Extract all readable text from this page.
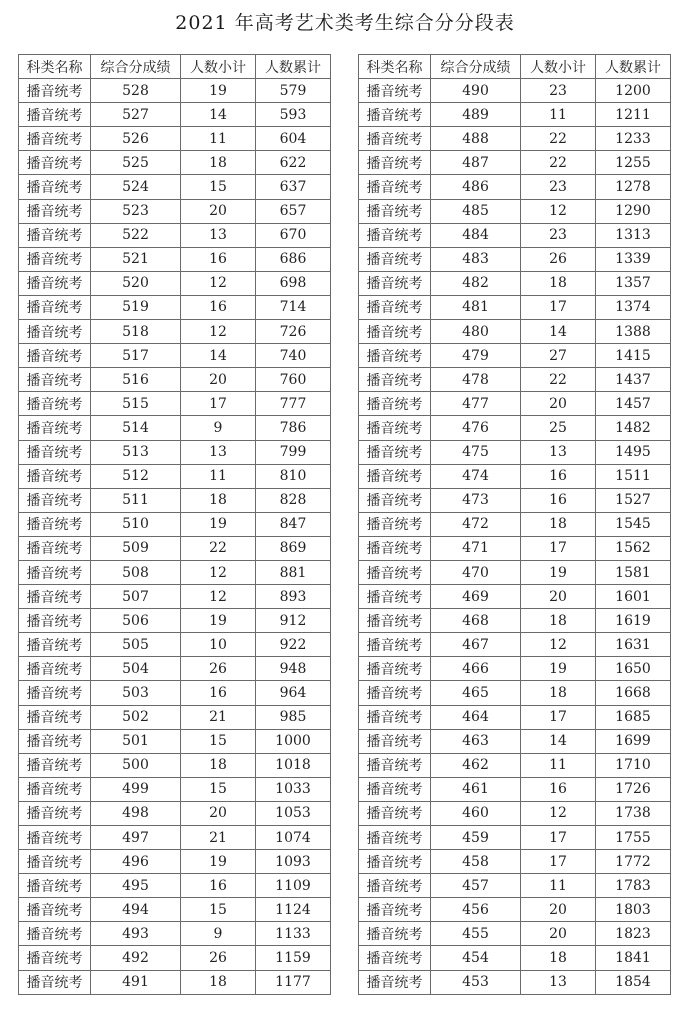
2021 年高考艺术类考生综合分分段表
科类名称	综合分成绩	人数小计	人数累计
播音统考	528	19	579
播音统考	527	14	593
播音统考	526	11	604
播音统考	525	18	622
播音统考	524	15	637
播音统考	523	20	657
播音统考	522	13	670
播音统考	521	16	686
播音统考	520	12	698
播音统考	519	16	714
播音统考	518	12	726
播音统考	517	14	740
播音统考	516	20	760
播音统考	515	17	777
播音统考	514	9	786
播音统考	513	13	799
播音统考	512	11	810
播音统考	511	18	828
播音统考	510	19	847
播音统考	509	22	869
播音统考	508	12	881
播音统考	507	12	893
播音统考	506	19	912
播音统考	505	10	922
播音统考	504	26	948
播音统考	503	16	964
播音统考	502	21	985
播音统考	501	15	1000
播音统考	500	18	1018
播音统考	499	15	1033
播音统考	498	20	1053
播音统考	497	21	1074
播音统考	496	19	1093
播音统考	495	16	1109
播音统考	494	15	1124
播音统考	493	9	1133
播音统考	492	26	1159
播音统考	491	18	1177
科类名称	综合分成绩	人数小计	人数累计
播音统考	490	23	1200
播音统考	489	11	1211
播音统考	488	22	1233
播音统考	487	22	1255
播音统考	486	23	1278
播音统考	485	12	1290
播音统考	484	23	1313
播音统考	483	26	1339
播音统考	482	18	1357
播音统考	481	17	1374
播音统考	480	14	1388
播音统考	479	27	1415
播音统考	478	22	1437
播音统考	477	20	1457
播音统考	476	25	1482
播音统考	475	13	1495
播音统考	474	16	1511
播音统考	473	16	1527
播音统考	472	18	1545
播音统考	471	17	1562
播音统考	470	19	1581
播音统考	469	20	1601
播音统考	468	18	1619
播音统考	467	12	1631
播音统考	466	19	1650
播音统考	465	18	1668
播音统考	464	17	1685
播音统考	463	14	1699
播音统考	462	11	1710
播音统考	461	16	1726
播音统考	460	12	1738
播音统考	459	17	1755
播音统考	458	17	1772
播音统考	457	11	1783
播音统考	456	20	1803
播音统考	455	20	1823
播音统考	454	18	1841
播音统考	453	13	1854
